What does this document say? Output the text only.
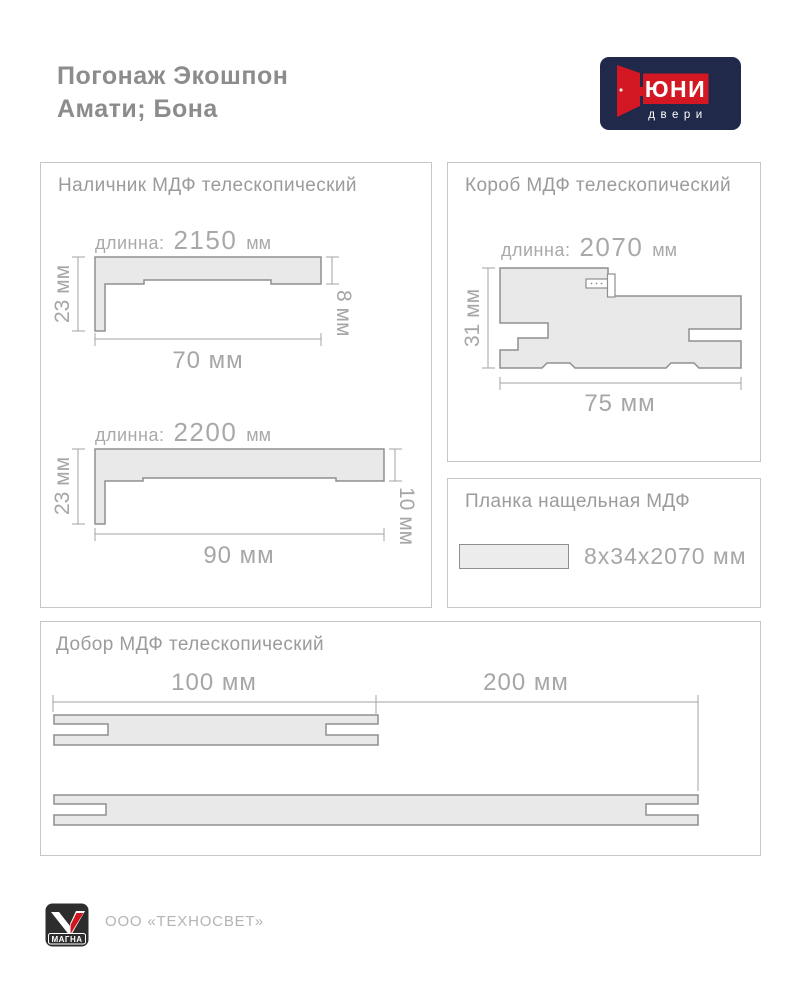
Погонаж Экошпон
Амати; Бона
ЮНИ
двери
Наличник МДФ телескопический
длинна: 2150 мм
длинна: 2200 мм
23 мм	8 мм
70 мм
23 мм
10 мм
90 мм
Короб МДФ телескопический
длинна: 2070 мм
31 мм
75 мм
Планка нащельная МДФ
8x34x2070 мм
Добор МДФ телескопический
100 мм	200 мм
МАГНА
ООО «ТЕХНОСВЕТ»
